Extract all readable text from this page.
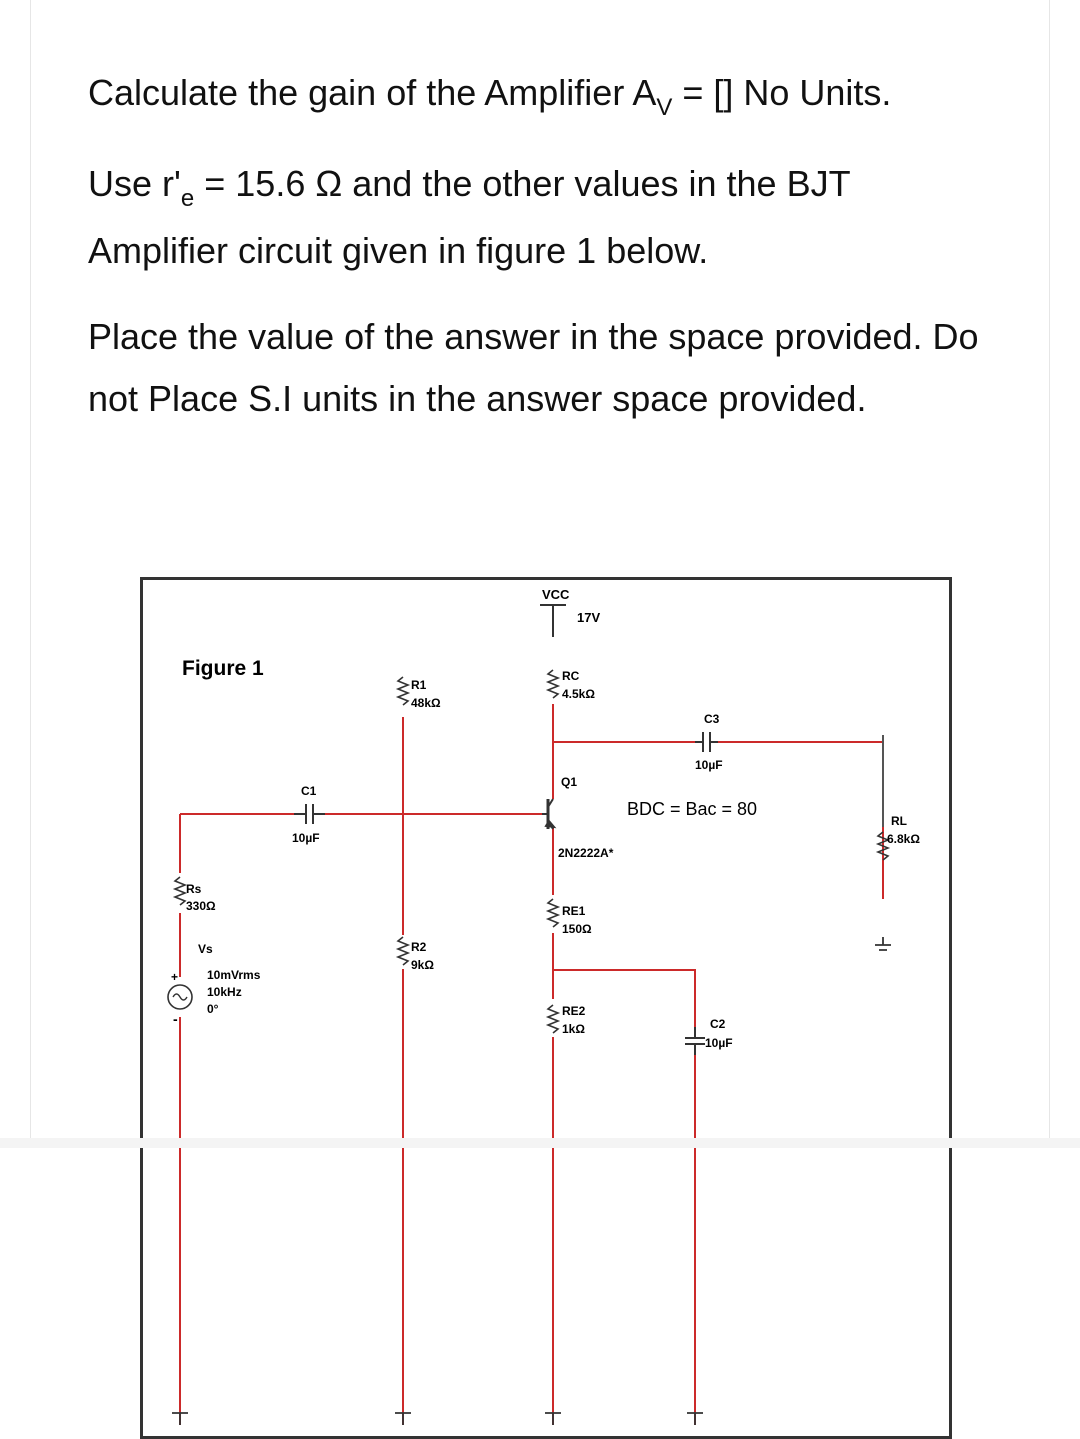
Calculate the gain of the Amplifier $A_V$ = [] No Units.

Use $r'_e = 15.6$ Ω and the other values in the BJT Amplifier circuit given in figure 1 below.

Place the value of the answer in the space provided. Do not Place S.I units in the answer space provided.

VCC
17V
+
-
Figure 1	RC
4.5kΩ
R1
48kΩ
R2
9kΩ
C1
10µF
C3
10µF
C2
10µF
Q1
2N2222A*
BDC = Bac = 80
RL
6.8kΩ
Rs
330Ω	RE1
150Ω
RE2
1kΩ
Vs
10mVrms
10kHz
0°
